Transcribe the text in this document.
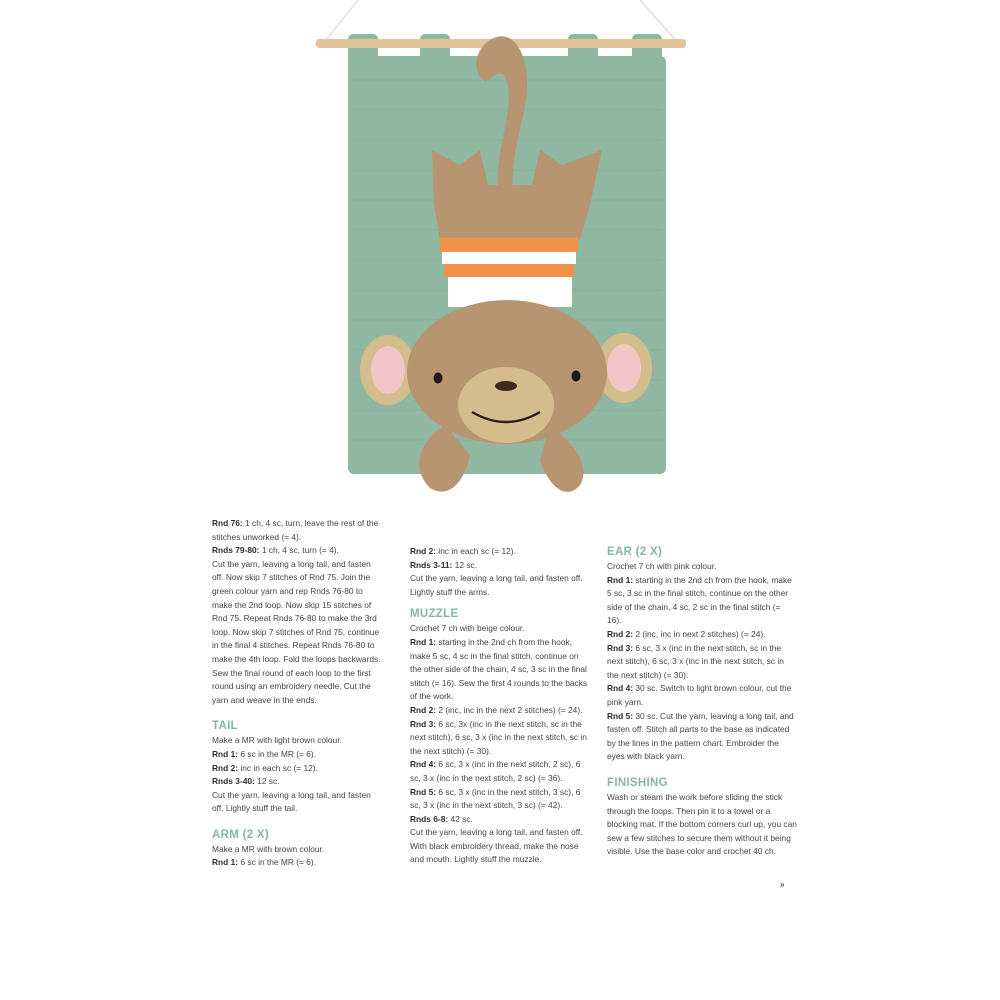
Rnd 76: 1 ch, 4 sc, turn, leave the rest of the stitches unworked (= 4).

Rnds 79-80: 1 ch, 4 sc, turn (= 4).

Cut the yarn, leaving a long tail, and fasten off. Now skip 7 stitches of Rnd 75. Join the green colour yarn and rep Rnds 76-80 to make the 2nd loop. Now skip 15 stitches of Rnd 75. Repeat Rnds 76-80 to make the 3rd loop. Now skip 7 stitches of Rnd 75, continue in the final 4 stitches. Repeat Rnds 76-80 to make the 4th loop. Fold the loops backwards. Sew the final round of each loop to the first round using an embroidery needle. Cut the yarn and weave in the ends.

TAIL

Make a MR with light brown colour.

Rnd 1: 6 sc in the MR (= 6).

Rnd 2: inc in each sc (= 12).

Rnds 3-40: 12 sc.

Cut the yarn, leaving a long tail, and fasten off. Lightly stuff the tail.

ARM (2 X)

Make a MR with brown colour.

Rnd 1: 6 sc in the MR (= 6).

Rnd 2: inc in each sc (= 12).

Rnds 3-11: 12 sc.

Cut the yarn, leaving a long tail, and fasten off. Lightly stuff the arms.

MUZZLE

Crochet 7 ch with beige colour.

Rnd 1: starting in the 2nd ch from the hook, make 5 sc, 4 sc in the final stitch, continue on the other side of the chain, 4 sc, 3 sc in the final stitch (= 16). Sew the first 4 rounds to the backs of the work.

Rnd 2: 2 (inc, inc in the next 2 stitches) (= 24).

Rnd 3: 6 sc, 3x (inc in the next stitch, sc in the next stitch), 6 sc, 3 x (inc in the next stitch, sc in the next stitch) (= 30).

Rnd 4: 6 sc, 3 x (inc in the next stitch, 2 sc), 6 sc, 3 x (inc in the next stitch, 2 sc) (= 36).

Rnd 5: 6 sc, 3 x (inc in the next stitch, 3 sc), 6 sc, 3 x (inc in the next stitch, 3 sc) (= 42).

Rnds 6-8: 42 sc.

Cut the yarn, leaving a long tail, and fasten off. With black embroidery thread, make the nose and mouth. Lightly stuff the muzzle.

EAR (2 X)

Crochet 7 ch with pink colour.

Rnd 1: starting in the 2nd ch from the hook, make 5 sc, 3 sc in the final stitch, continue on the other side of the chain, 4 sc, 2 sc in the final stitch (= 16).

Rnd 2: 2 (inc, inc in next 2 stitches) (= 24).

Rnd 3: 6 sc, 3 x (inc in the next stitch, sc in the next stitch), 6 sc, 3 x (inc in the next stitch, sc in the next stitch) (= 30).

Rnd 4: 30 sc. Switch to light brown colour, cut the pink yarn.

Rnd 5: 30 sc. Cut the yarn, leaving a long tail, and fasten off. Stitch all parts to the base as indicated by the lines in the pattern chart. Embroider the eyes with black yarn.

FINISHING

Wash or steam the work before sliding the stick through the loops. Then pin it to a towel or a blocking mat. If the bottom corners curl up, you can sew a few stitches to secure them without it being visible. Use the base color and crochet 40 ch.

»
